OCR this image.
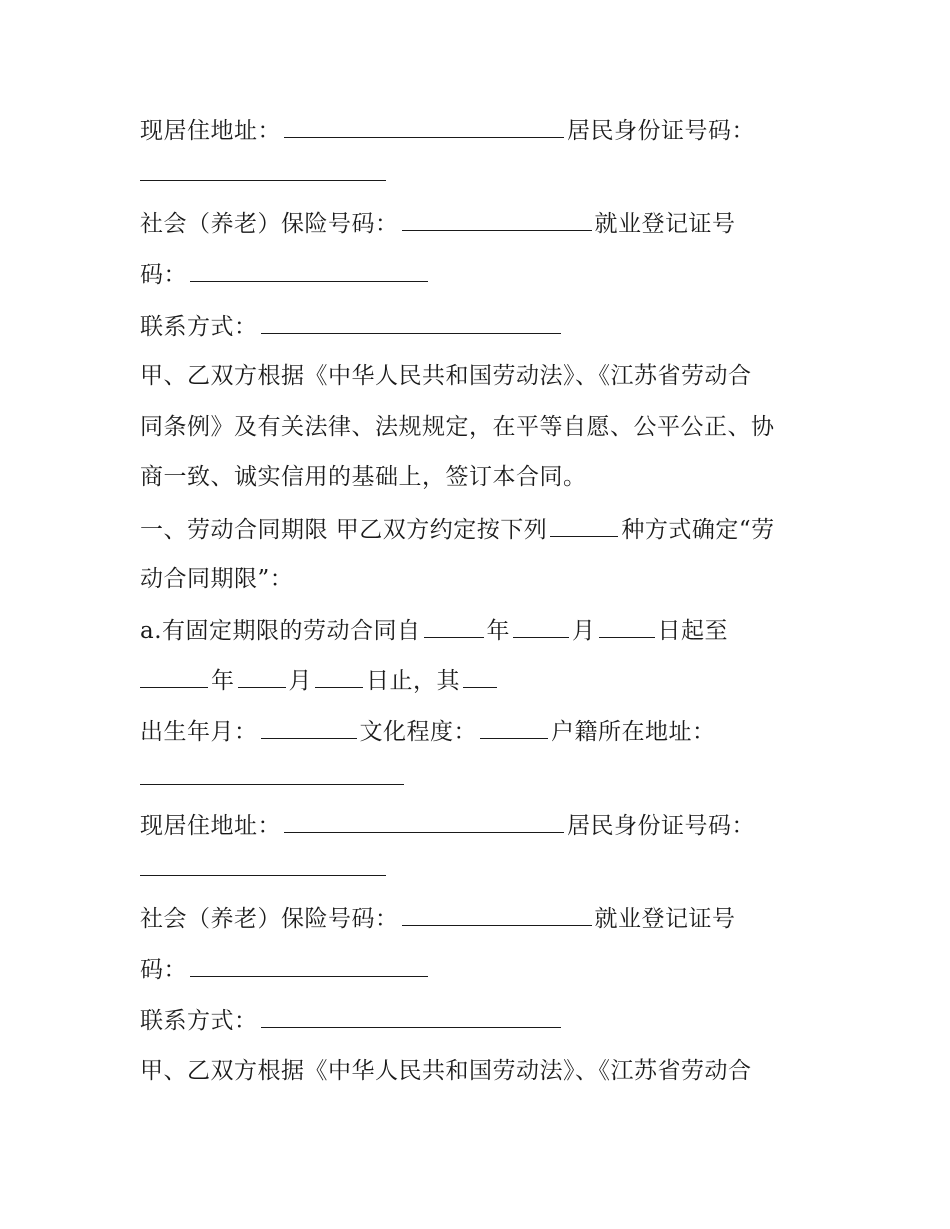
现居住地址：	居民身份证号码：
社会（养老）保险号码：	就业登记证号
码：
联系方式：
甲、乙双方根据《中华人民共和国劳动法》、《江苏省劳动合
同条例》及有关法律、法规规定，在平等自愿、公平公正、协
商一致、诚实信用的基础上，签订本合同。
一、劳动合同期限 甲乙双方约定按下列	种方式确定“劳
动合同期限”：
a.有固定期限的劳动合同自	年	月	日起至
年 月 日止，其
出生年月：	文化程度：	户籍所在地址：
现居住地址：	居民身份证号码：
社会（养老）保险号码：	就业登记证号
码：
联系方式：
甲、乙双方根据《中华人民共和国劳动法》、《江苏省劳动合
